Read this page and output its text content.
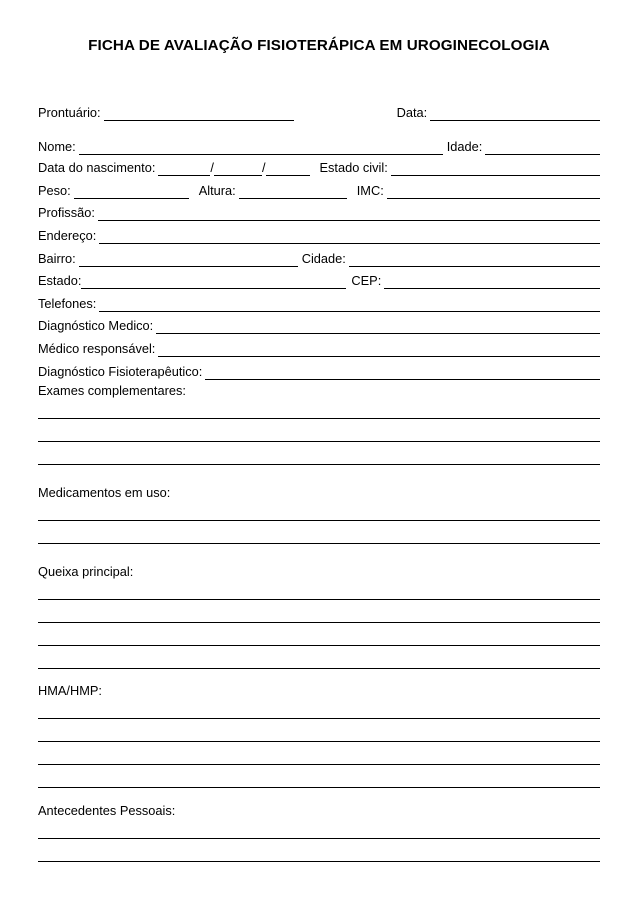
FICHA DE AVALIAÇÃO FISIOTERÁPICA EM UROGINECOLOGIA
Prontuário:	Data:
Nome:	Idade:
Data do nascimento:	/	/	Estado civil:
Peso:	Altura:	IMC:
Profissão:
Endereço:
Bairro:	Cidade:
Estado:	CEP:
Telefones:
Diagnóstico Medico:
Médico responsável:
Diagnóstico Fisioterapêutico:
Exames complementares:
Medicamentos em uso:
Queixa principal:
HMA/HMP:
Antecedentes Pessoais:
